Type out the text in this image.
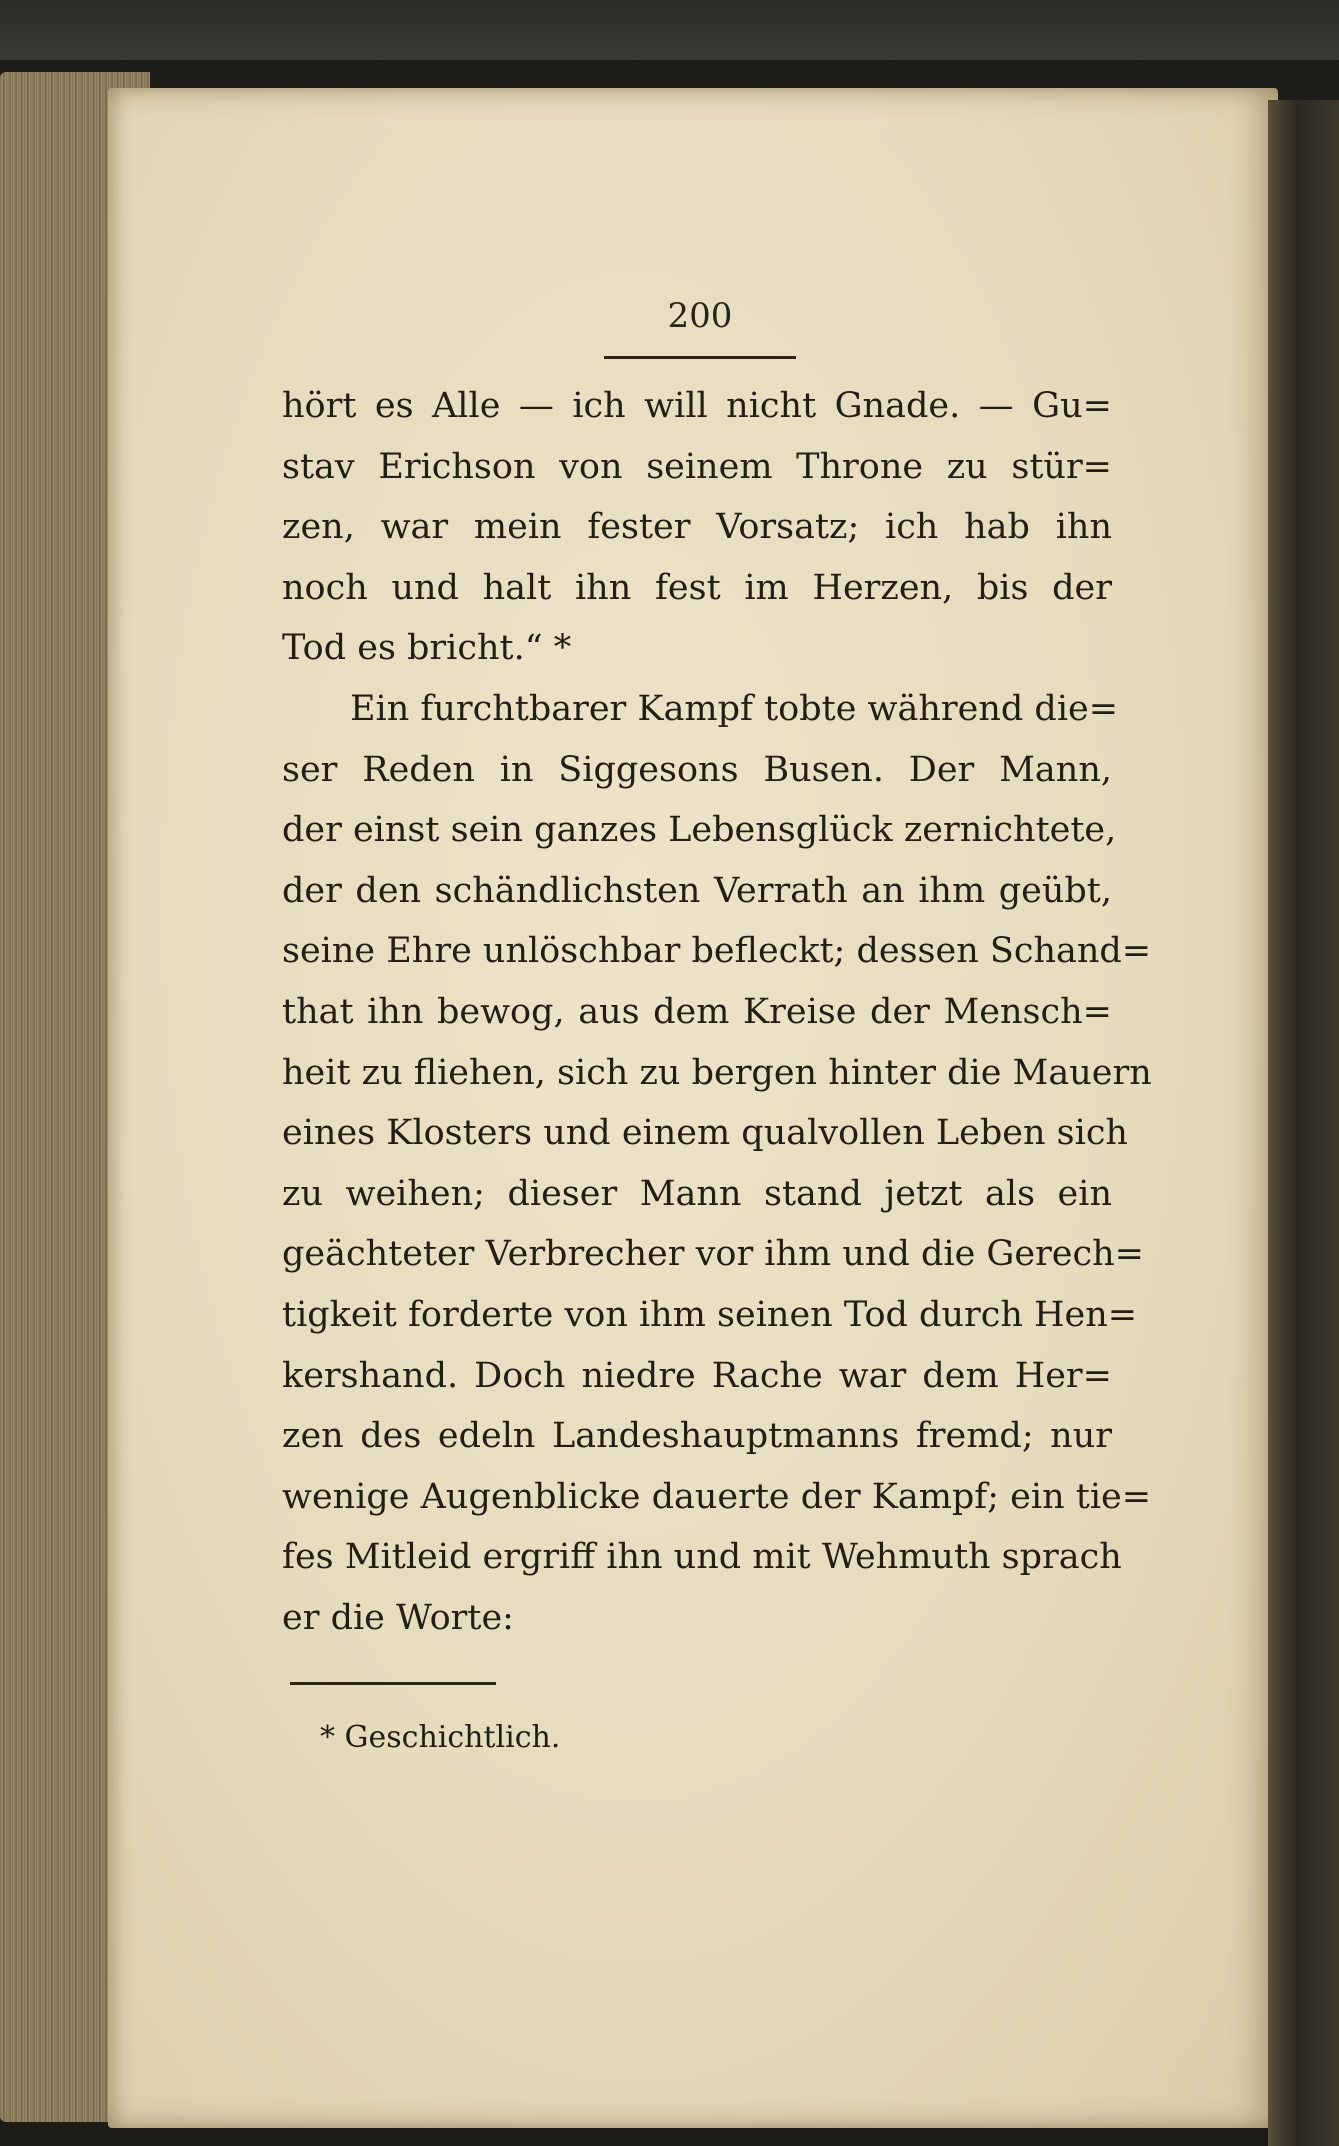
200
hört es Alle — ich will nicht Gnade. — Gu=
stav Erichson von seinem Throne zu stür=
zen, war mein fester Vorsatz; ich hab ihn
noch und halt ihn fest im Herzen, bis der
Tod es bricht.“ *
Ein furchtbarer Kampf tobte während die=
ser Reden in Siggesons Busen. Der Mann,
der einst sein ganzes Lebensglück zernichtete,
der den schändlichsten Verrath an ihm geübt,
seine Ehre unlöschbar befleckt; dessen Schand=
that ihn bewog, aus dem Kreise der Mensch=
heit zu fliehen, sich zu bergen hinter die Mauern
eines Klosters und einem qualvollen Leben sich
zu weihen; dieser Mann stand jetzt als ein
geächteter Verbrecher vor ihm und die Gerech=
tigkeit forderte von ihm seinen Tod durch Hen=
kershand. Doch niedre Rache war dem Her=
zen des edeln Landeshauptmanns fremd; nur
wenige Augenblicke dauerte der Kampf; ein tie=
fes Mitleid ergriff ihn und mit Wehmuth sprach
er die Worte:
* Geschichtlich.
